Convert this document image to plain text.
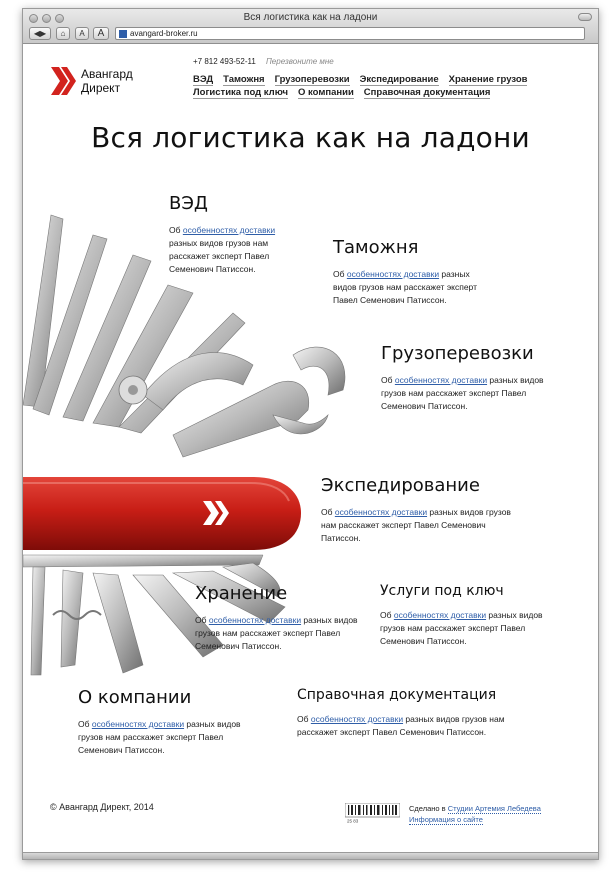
Вся логистика как на ладони
◀▶	⌂	A	A	avangard-broker.ru
Авангард
Директ
+7 812 493-52-11 Перезвоните мне
ВЭД Таможня Грузоперевозки Экспедирование Хранение грузов
Логистика под ключ О компании Справочная документация
Вся логистика как на ладони
ВЭД

Об особенностях доставки разных видов грузов нам расскажет эксперт Павел Семенович Патиссон.

Таможня

Об особенностях доставки разных видов грузов нам расскажет эксперт Павел Семенович Патиссон.

Грузоперевозки

Об особенностях доставки разных видов грузов нам расскажет эксперт Павел Семенович Патиссон.

Экспедирование

Об особенностях доставки разных видов грузов нам расскажет эксперт Павел Семенович Патиссон.

Хранение

Об особенностях доставки разных видов грузов нам расскажет эксперт Павел Семенович Патиссон.

Услуги под ключ

Об особенностях доставки разных видов грузов нам расскажет эксперт Павел Семенович Патиссон.

О компании

Об особенностях доставки разных видов грузов нам расскажет эксперт Павел Семенович Патиссон.

Справочная документация

Об особенностях доставки разных видов грузов нам расскажет эксперт Павел Семенович Патиссон.

© Авангард Директ, 2014
25 83
Сделано в Студии Артемия Лебедева
Информация о сайте
